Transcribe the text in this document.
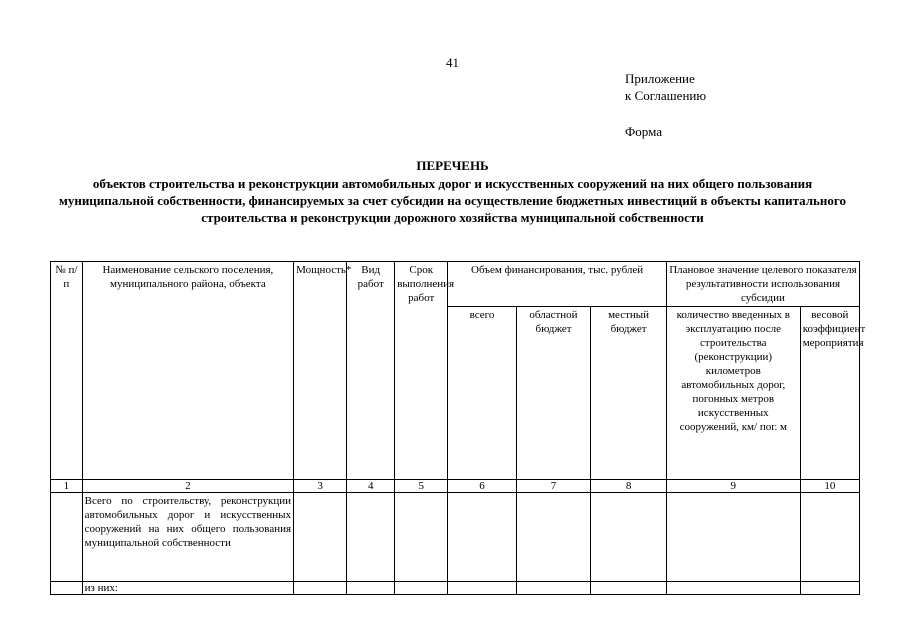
41
Приложение
к Соглашению
Форма
ПЕРЕЧЕНЬ
объектов строительства и реконструкции автомобильных дорог и искусственных сооружений на них общего пользования муниципальной собственности, финансируемых за счет субсидии на осуществление бюджетных инвестиций в объекты капитального строительства и реконструкции дорожного хозяйства муниципальной собственности
№ п/п	Наименование сельского поселения, муниципального района, объекта	Мощность*	Вид работ	Срок выполнения работ	Объем финансирования, тыс. рублей			Плановое значение целевого показателя результативности использования субсидии	
					всего	областной бюджет	местный бюджет	количество введенных в эксплуатацию после строительства (реконструкции) километров автомобильных дорог, погонных метров искусственных сооружений, км/ пог. м	весовой коэффициент мероприятия
1	2	3	4	5	6	7	8	9	10
	Всего по строительству, реконструкции автомобильных дорог и искусственных сооружений на них общего пользования муниципальной собственности								
	из них:								
